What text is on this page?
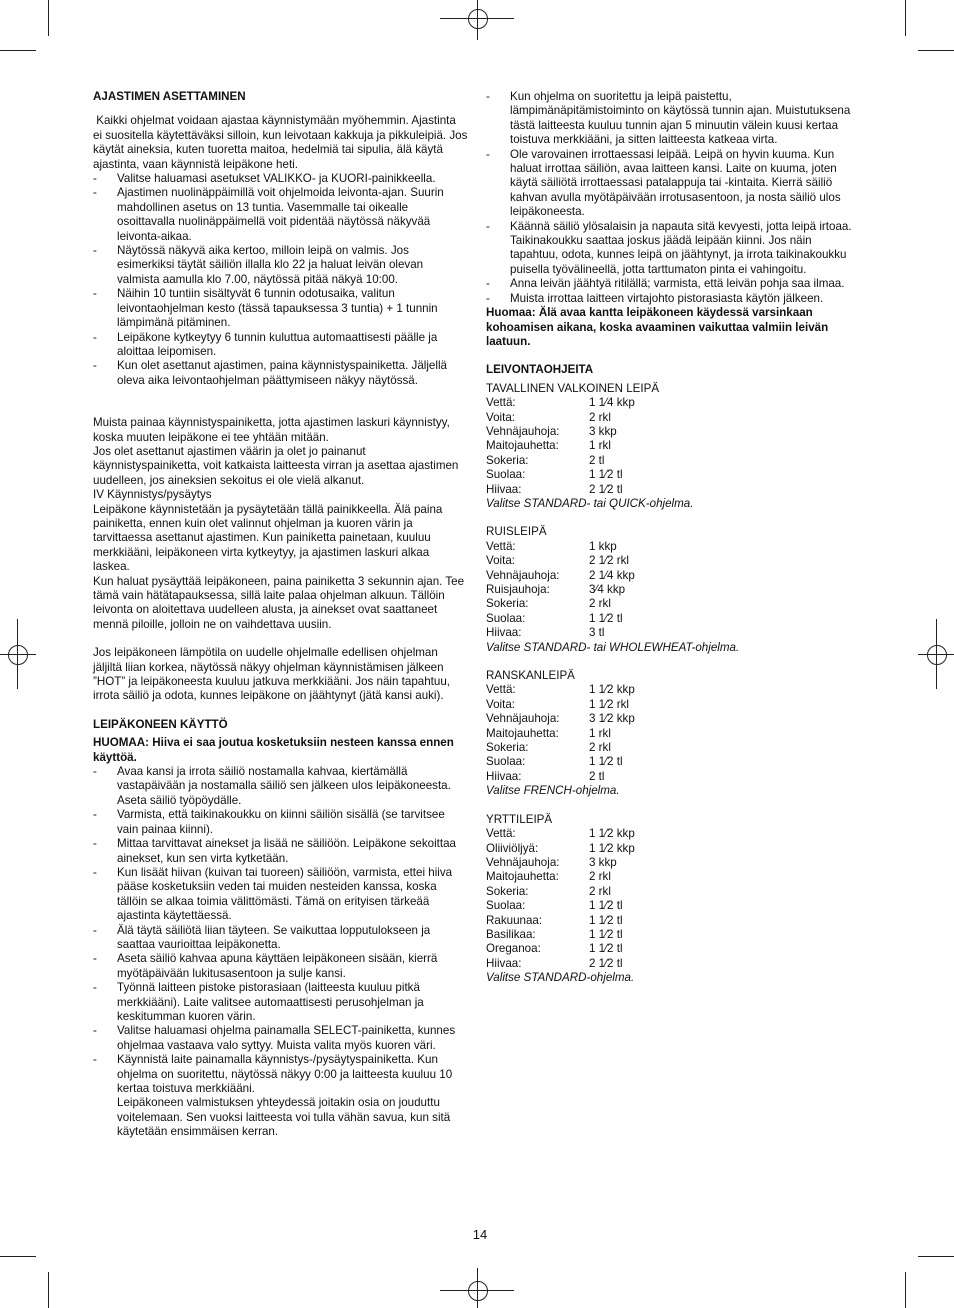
AJASTIMEN ASETTAMINEN
Kaikki ohjelmat voidaan ajastaa käynnistymään myöhemmin. Ajastinta ei suositella käytettäväksi silloin, kun leivotaan kakkuja ja pikkuleipiä. Jos käytät aineksia, kuten tuoretta maitoa, hedelmiä tai sipulia, älä käytä ajastinta, vaan käynnistä leipäkone heti.
- Valitse haluamasi asetukset VALIKKO- ja KUORI-painikkeella.
- Ajastimen nuolinäppäimillä voit ohjelmoida leivonta-ajan. Suurin mahdollinen asetus on 13 tuntia. Vasemmalle tai oikealle osoittavalla nuolinäppäimellä voit pidentää näytössä näkyvää leivonta-aikaa.
- Näytössä näkyvä aika kertoo, milloin leipä on valmis. Jos esimerkiksi täytät säiliön illalla klo 22 ja haluat leivän olevan valmista aamulla klo 7.00, näytössä pitää näkyä 10:00.
- Näihin 10 tuntiin sisältyvät 6 tunnin odotusaika, valitun leivontaohjelman kesto (tässä tapauksessa 3 tuntia) + 1 tunnin lämpimänä pitäminen.
- Leipäkone kytkeytyy 6 tunnin kuluttua automaattisesti päälle ja aloittaa leipomisen.
- Kun olet asettanut ajastimen, paina käynnistyspainiketta. Jäljellä oleva aika leivontaohjelman päättymiseen näkyy näytössä.
Muista painaa käynnistyspainiketta, jotta ajastimen laskuri käynnistyy, koska muuten leipäkone ei tee yhtään mitään.
Jos olet asettanut ajastimen väärin ja olet jo painanut käynnistyspainiketta, voit katkaista laitteesta virran ja asettaa ajastimen uudelleen, jos aineksien sekoitus ei ole vielä alkanut.
IV Käynnistys/pysäytys
Leipäkone käynnistetään ja pysäytetään tällä painikkeella. Älä paina painiketta, ennen kuin olet valinnut ohjelman ja kuoren värin ja tarvittaessa asettanut ajastimen. Kun painiketta painetaan, kuuluu merkkiääni, leipäkoneen virta kytkeytyy, ja ajastimen laskuri alkaa laskea.
Kun haluat pysäyttää leipäkoneen, paina painiketta 3 sekunnin ajan. Tee tämä vain hätätapauksessa, sillä laite palaa ohjelman alkuun. Tällöin leivonta on aloitettava uudelleen alusta, ja ainekset ovat saattaneet mennä piloille, jolloin ne on vaihdettava uusiin.
Jos leipäkoneen lämpötila on uudelle ohjelmalle edellisen ohjelman jäljiltä liian korkea, näytössä näkyy ohjelman käynnistämisen jälkeen ”HOT” ja leipäkoneesta kuuluu jatkuva merkkiääni. Jos näin tapahtuu, irrota säiliö ja odota, kunnes leipäkone on jäähtynyt (jätä kansi auki).
LEIPÄKONEEN KÄYTTÖ
HUOMAA: Hiiva ei saa joutua kosketuksiin nesteen kanssa ennen käyttöä.
- Avaa kansi ja irrota säiliö nostamalla kahvaa, kiertämällä vastapäivään ja nostamalla säiliö sen jälkeen ulos leipäkoneesta. Aseta säiliö työpöydälle.
- Varmista, että taikinakoukku on kiinni säiliön sisällä (se tarvitsee vain painaa kiinni).
- Mittaa tarvittavat ainekset ja lisää ne säiliöön. Leipäkone sekoittaa ainekset, kun sen virta kytketään.
- Kun lisäät hiivan (kuivan tai tuoreen) säiliöön, varmista, ettei hiiva pääse kosketuksiin veden tai muiden nesteiden kanssa, koska tällöin se alkaa toimia välittömästi. Tämä on erityisen tärkeää ajastinta käytettäessä.
- Älä täytä säiliötä liian täyteen. Se vaikuttaa lopputulokseen ja saattaa vaurioittaa leipäkonetta.
- Aseta säiliö kahvaa apuna käyttäen leipäkoneen sisään, kierrä myötäpäivään lukitusasentoon ja sulje kansi.
- Työnnä laitteen pistoke pistorasiaan (laitteesta kuuluu pitkä merkkiääni). Laite valitsee automaattisesti perusohjelman ja keskitumman kuoren värin.
- Valitse haluamasi ohjelma painamalla SELECT-painiketta, kunnes ohjelmaa vastaava valo syttyy. Muista valita myös kuoren väri.
- Käynnistä laite painamalla käynnistys-/pysäytyspainiketta. Kun ohjelma on suoritettu, näytössä näkyy 0:00 ja laitteesta kuuluu 10 kertaa toistuva merkkiääni.
Leipäkoneen valmistuksen yhteydessä joitakin osia on jouduttu voitelemaan. Sen vuoksi laitteesta voi tulla vähän savua, kun sitä käytetään ensimmäisen kerran.
- Kun ohjelma on suoritettu ja leipä paistettu, lämpimänäpitämistoiminto on käytössä tunnin ajan. Muistutuksena tästä laitteesta kuuluu tunnin ajan 5 minuutin välein kuusi kertaa toistuva merkkiääni, ja sitten laitteesta katkeaa virta.
- Ole varovainen irrottaessasi leipää. Leipä on hyvin kuuma. Kun haluat irrottaa säiliön, avaa laitteen kansi. Laite on kuuma, joten käytä säiliötä irrottaessasi patalappuja tai -kintaita. Kierrä säiliö kahvan avulla myötäpäivään irrotusasentoon, ja nosta säiliö ulos leipäkoneesta.
- Käännä säiliö ylösalaisin ja napauta sitä kevyesti, jotta leipä irtoaa. Taikinakoukku saattaa joskus jäädä leipään kiinni. Jos näin tapahtuu, odota, kunnes leipä on jäähtynyt, ja irrota taikinakoukku puisella työvälineellä, jotta tarttumaton pinta ei vahingoitu.
- Anna leivän jäähtyä ritilällä; varmista, että leivän pohja saa ilmaa.
- Muista irrottaa laitteen virtajohto pistorasiasta käytön jälkeen.
Huomaa: Älä avaa kantta leipäkoneen käydessä varsinkaan kohoamisen aikana, koska avaaminen vaikuttaa valmiin leivän laatuun.
LEIVONTAOHJEITA
TAVALLINEN VALKOINEN LEIPÄ
Vettä:	1 1⁄4 kkp
Voita:	2 rkl
Vehnäjauhoja:	3 kkp
Maitojauhetta:	1 rkl
Sokeria:	2 tl
Suolaa:	1 1⁄2 tl
Hiivaa:	2 1⁄2 tl
Valitse STANDARD- tai QUICK-ohjelma.
RUISLEIPÄ
Vettä:	1 kkp
Voita:	2 1⁄2 rkl
Vehnäjauhoja:	2 1⁄4 kkp
Ruisjauhoja:	3⁄4 kkp
Sokeria:	2 rkl
Suolaa:	1 1⁄2 tl
Hiivaa:	3 tl
Valitse STANDARD- tai WHOLEWHEAT-ohjelma.
RANSKANLEIPÄ
Vettä:	1 1⁄2 kkp
Voita:	1 1⁄2 rkl
Vehnäjauhoja:	3 1⁄2 kkp
Maitojauhetta:	1 rkl
Sokeria:	2 rkl
Suolaa:	1 1⁄2 tl
Hiivaa:	2 tl
Valitse FRENCH-ohjelma.
YRTTILEIPÄ
Vettä:	1 1⁄2 kkp
Oliiviöljyä:	1 1⁄2 kkp
Vehnäjauhoja:	3 kkp
Maitojauhetta:	2 rkl
Sokeria:	2 rkl
Suolaa:	1 1⁄2 tl
Rakuunaa:	1 1⁄2 tl
Basilikaa:	1 1⁄2 tl
Oreganoa:	1 1⁄2 tl
Hiivaa:	2 1⁄2 tl
Valitse STANDARD-ohjelma.
14
